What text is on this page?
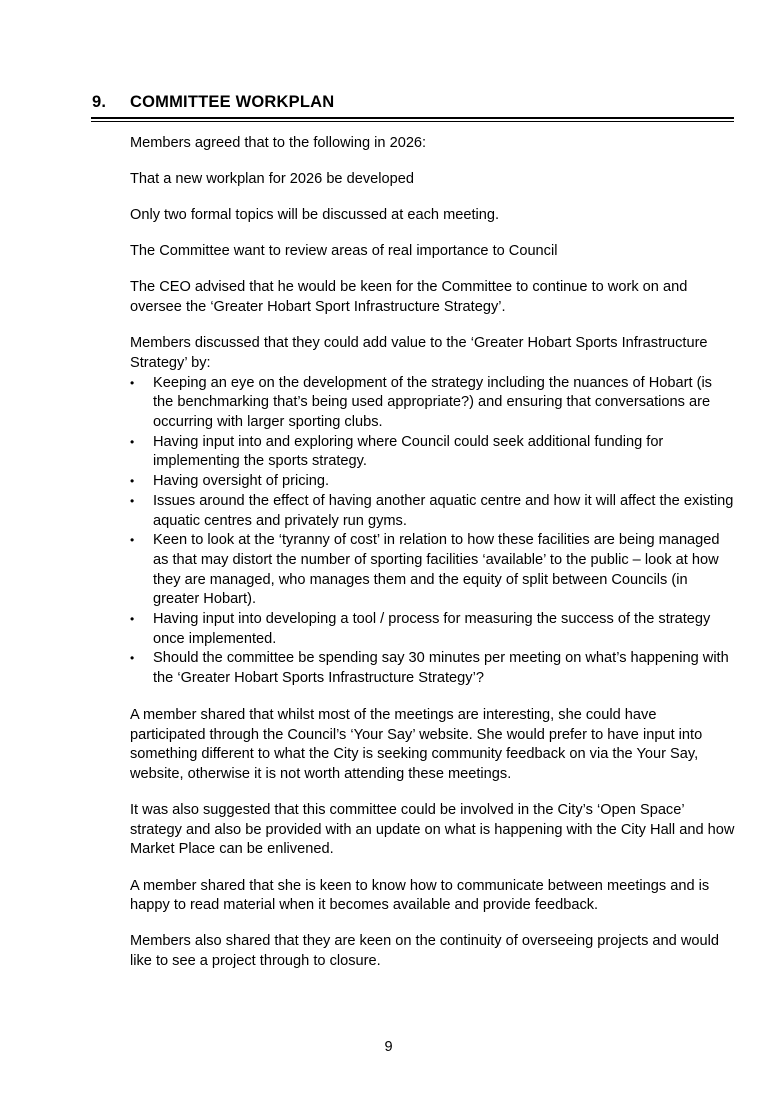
9. COMMITTEE WORKPLAN

Members agreed that to the following in 2026:

That a new workplan for 2026 be developed

Only two formal topics will be discussed at each meeting.

The Committee want to review areas of real importance to Council

The CEO advised that he would be keen for the Committee to continue to work on and oversee the ‘Greater Hobart Sport Infrastructure Strategy’.

Members discussed that they could add value to the ‘Greater Hobart Sports Infrastructure Strategy’ by:

•	Keeping an eye on the development of the strategy including the nuances of Hobart (is the benchmarking that’s being used appropriate?) and ensuring that conversations are occurring with larger sporting clubs.
•	Having input into and exploring where Council could seek additional funding for implementing the sports strategy.
•	Having oversight of pricing.
•	Issues around the effect of having another aquatic centre and how it will affect the existing aquatic centres and privately run gyms.
•	Keen to look at the ‘tyranny of cost’ in relation to how these facilities are being managed as that may distort the number of sporting facilities ‘available’ to the public – look at how they are managed, who manages them and the equity of split between Councils (in greater Hobart).
•	Having input into developing a tool / process for measuring the success of the strategy once implemented.
•	Should the committee be spending say 30 minutes per meeting on what’s happening with the ‘Greater Hobart Sports Infrastructure Strategy’?

A member shared that whilst most of the meetings are interesting, she could have participated through the Council’s ‘Your Say’ website. She would prefer to have input into something different to what the City is seeking community feedback on via the Your Say, website, otherwise it is not worth attending these meetings.

It was also suggested that this committee could be involved in the City’s ‘Open Space’ strategy and also be provided with an update on what is happening with the City Hall and how Market Place can be enlivened.

A member shared that she is keen to know how to communicate between meetings and is happy to read material when it becomes available and provide feedback.

Members also shared that they are keen on the continuity of overseeing projects and would like to see a project through to closure.

9
